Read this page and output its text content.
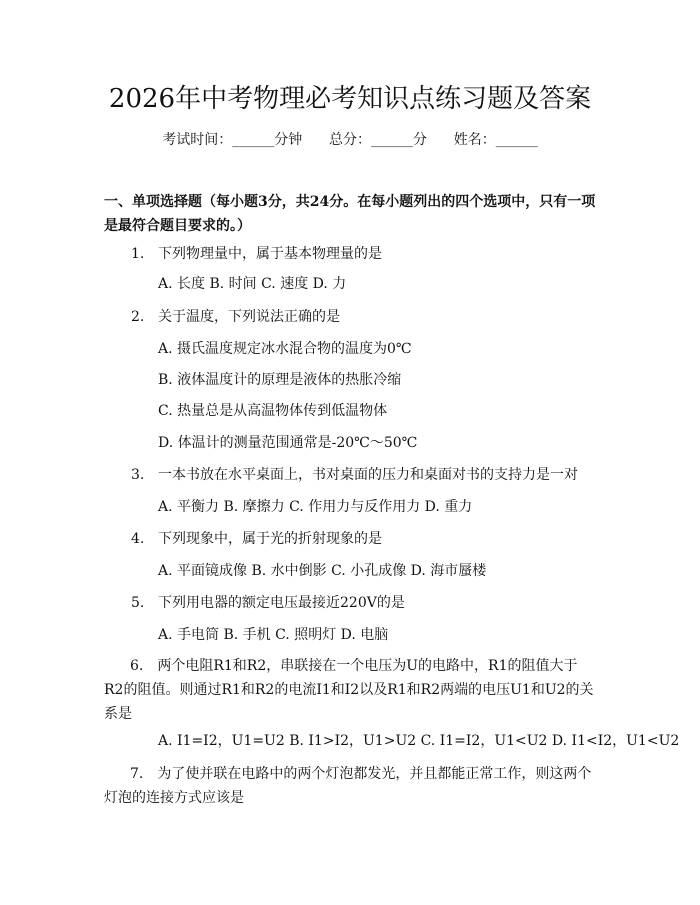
2026年中考物理必考知识点练习题及答案
考试时间：______分钟      总分：______分      姓名：______
一、单项选择题（每小题3分，共24分。在每小题列出的四个选项中，只有一项是最符合题目要求的。）
1. 下列物理量中，属于基本物理量的是
A. 长度 B. 时间 C. 速度 D. 力
2. 关于温度，下列说法正确的是
A. 摄氏温度规定冰水混合物的温度为0℃
B. 液体温度计的原理是液体的热胀冷缩
C. 热量总是从高温物体传到低温物体
D. 体温计的测量范围通常是-20℃～50℃
3. 一本书放在水平桌面上，书对桌面的压力和桌面对书的支持力是一对
A. 平衡力 B. 摩擦力 C. 作用力与反作用力 D. 重力
4. 下列现象中，属于光的折射现象的是
A. 平面镜成像 B. 水中倒影 C. 小孔成像 D. 海市蜃楼
5. 下列用电器的额定电压最接近220V的是
A. 手电筒 B. 手机 C. 照明灯 D. 电脑
6.　两个电阻R1和R2，串联接在一个电压为U的电路中，R1的阻值大于R2的阻值。则通过R1和R2的电流I1和I2以及R1和R2两端的电压U1和U2的关系是
A. I1=I2，U1=U2 B. I1>I2，U1>U2 C. I1=I2，U1<U2 D. I1<I2，U1<U2
7.　为了使并联在电路中的两个灯泡都发光，并且都能正常工作，则这两个灯泡的连接方式应该是
